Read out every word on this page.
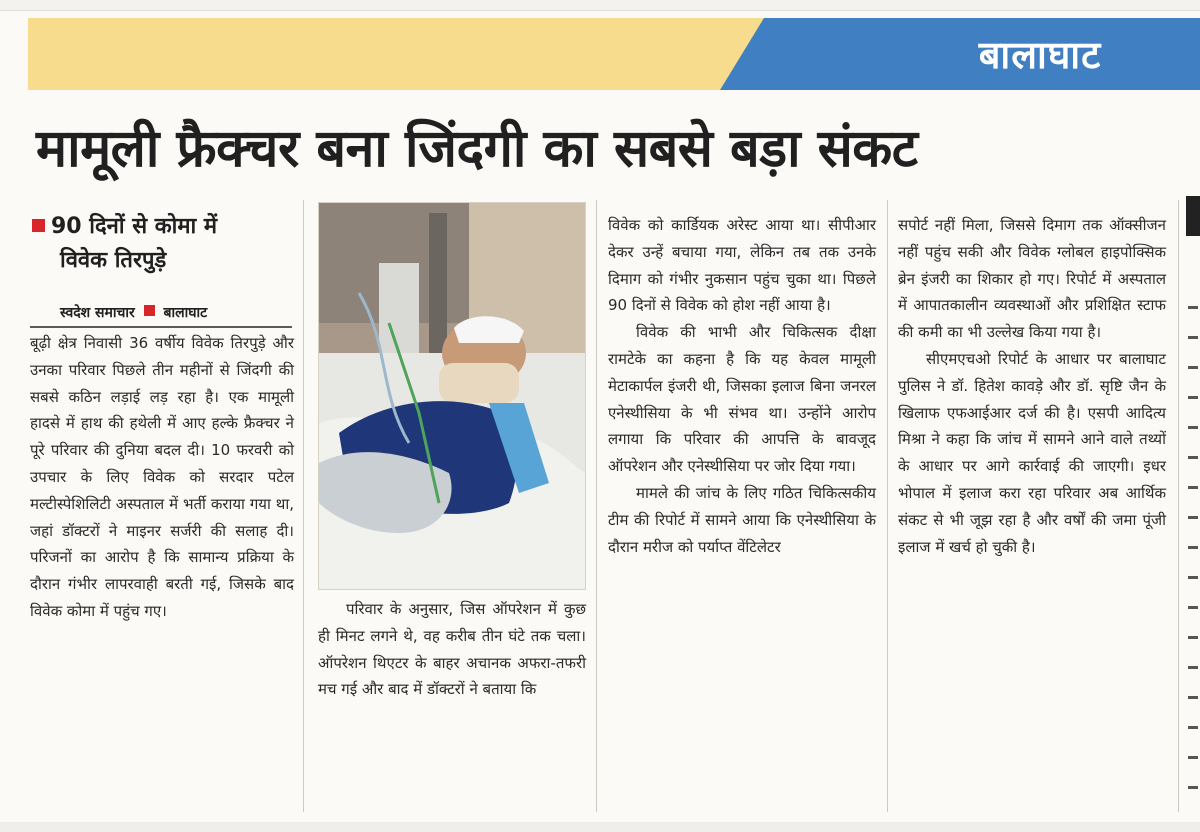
बालाघाट
मामूली फ्रैक्चर बना जिंदगी का सबसे बड़ा संकट
90 दिनों से कोमा में
विवेक तिरपुड़े
स्वदेश समाचार बालाघाट

बूढ़ी क्षेत्र निवासी 36 वर्षीय विवेक तिरपुड़े और उनका परिवार पिछले तीन महीनों से जिंदगी की सबसे कठिन लड़ाई लड़ रहा है। एक मामूली हादसे में हाथ की हथेली में आए हल्के फ्रैक्चर ने पूरे परिवार की दुनिया बदल दी। 10 फरवरी को उपचार के लिए विवेक को सरदार पटेल मल्टीस्पेशिलिटी अस्पताल में भर्ती कराया गया था, जहां डॉक्टरों ने माइनर सर्जरी की सलाह दी। परिजनों का आरोप है कि सामान्य प्रक्रिया के दौरान गंभीर लापरवाही बरती गई, जिसके बाद विवेक कोमा में पहुंच गए।	परिवार के अनुसार, जिस ऑपरेशन में कुछ ही मिनट लगने थे, वह करीब तीन घंटे तक चला। ऑपरेशन थिएटर के बाहर अचानक अफरा-तफरी मच गई और बाद में डॉक्टरों ने बताया कि

विवेक को कार्डियक अरेस्ट आया था। सीपीआर देकर उन्हें बचाया गया, लेकिन तब तक उनके दिमाग को गंभीर नुकसान पहुंच चुका था। पिछले 90 दिनों से विवेक को होश नहीं आया है।

विवेक की भाभी और चिकित्सक दीक्षा रामटेके का कहना है कि यह केवल मामूली मेटाकार्पल इंजरी थी, जिसका इलाज बिना जनरल एनेस्थीसिया के भी संभव था। उन्होंने आरोप लगाया कि परिवार की आपत्ति के बावजूद ऑपरेशन और एनेस्थीसिया पर जोर दिया गया।

मामले की जांच के लिए गठित चिकित्सकीय टीम की रिपोर्ट में सामने आया कि एनेस्थीसिया के दौरान मरीज को पर्याप्त वेंटिलेटर

सपोर्ट नहीं मिला, जिससे दिमाग तक ऑक्सीजन नहीं पहुंच सकी और विवेक ग्लोबल हाइपोक्सिक ब्रेन इंजरी का शिकार हो गए। रिपोर्ट में अस्पताल में आपातकालीन व्यवस्थाओं और प्रशिक्षित स्टाफ की कमी का भी उल्लेख किया गया है।

सीएमएचओ रिपोर्ट के आधार पर बालाघाट पुलिस ने डॉ. हितेश कावड़े और डॉ. सृष्टि जैन के खिलाफ एफआईआर दर्ज की है। एसपी आदित्य मिश्रा ने कहा कि जांच में सामने आने वाले तथ्यों के आधार पर आगे कार्रवाई की जाएगी। इधर भोपाल में इलाज करा रहा परिवार अब आर्थिक संकट से भी जूझ रहा है और वर्षों की जमा पूंजी इलाज में खर्च हो चुकी है।
